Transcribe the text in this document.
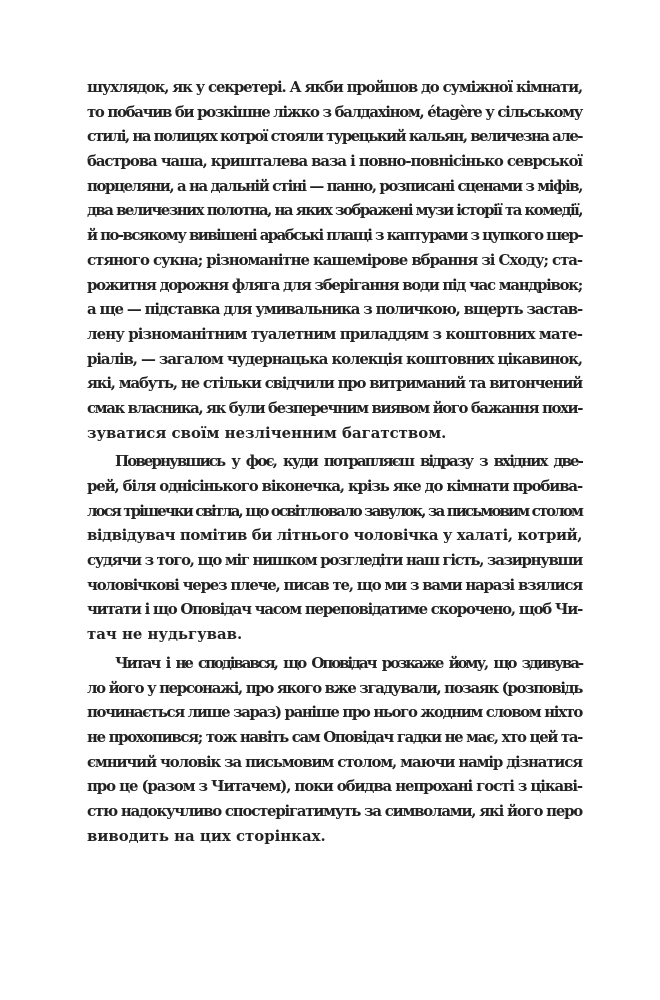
шухлядок, як у секретері. А якби пройшов до суміжної кімнати,
то побачив би розкішне ліжко з балдахіном, étagère у сільському
стилі, на полицях котрої стояли турецький кальян, величезна але-
бастрова чаша, кришталева ваза і повно-повнісінько севрської
порцеляни, а на дальній стіні — панно, розписані сценами з міфів,
два величезних полотна, на яких зображені музи історії та комедії,
й по-всякому вивішені арабські плащі з каптурами з цупкого шер-
стяного сукна; різноманітне кашемірове вбрання зі Сходу; ста-
рожитня дорожня фляга для зберігання води під час мандрівок;
а ще — підставка для умивальника з поличкою, вщерть застав-
лену різноманітним туалетним приладдям з коштовних мате-
ріалів, — загалом чудернацька колекція коштовних цікавинок,
які, мабуть, не стільки свідчили про витриманий та витончений
смак власника, як були безперечним виявом його бажання похи-
зуватися своїм незліченним багатством.
Повернувшись у фоє, куди потрапляєш відразу з вхідних две-
рей, біля однісінького віконечка, крізь яке до кімнати пробива-
лося трішечки світла, що освітлювало завулок, за письмовим столом
відвідувач помітив би літнього чоловічка у халаті, котрий,
судячи з того, що міг нишком розгледіти наш гість, зазирнувши
чоловічкові через плече, писав те, що ми з вами наразі взялися
читати і що Оповідач часом переповідатиме скорочено, щоб Чи-
тач не нудьгував.
Читач і не сподівався, що Оповідач розкаже йому, що здивува-
ло його у персонажі, про якого вже згадували, позаяк (розповідь
починається лише зараз) раніше про нього жодним словом ніхто
не прохопився; тож навіть сам Оповідач гадки не має, хто цей та-
ємничий чоловік за письмовим столом, маючи намір дізнатися
про це (разом з Читачем), поки обидва непрохані гості з цікаві-
стю надокучливо спостерігатимуть за символами, які його перо
виводить на цих сторінках.
